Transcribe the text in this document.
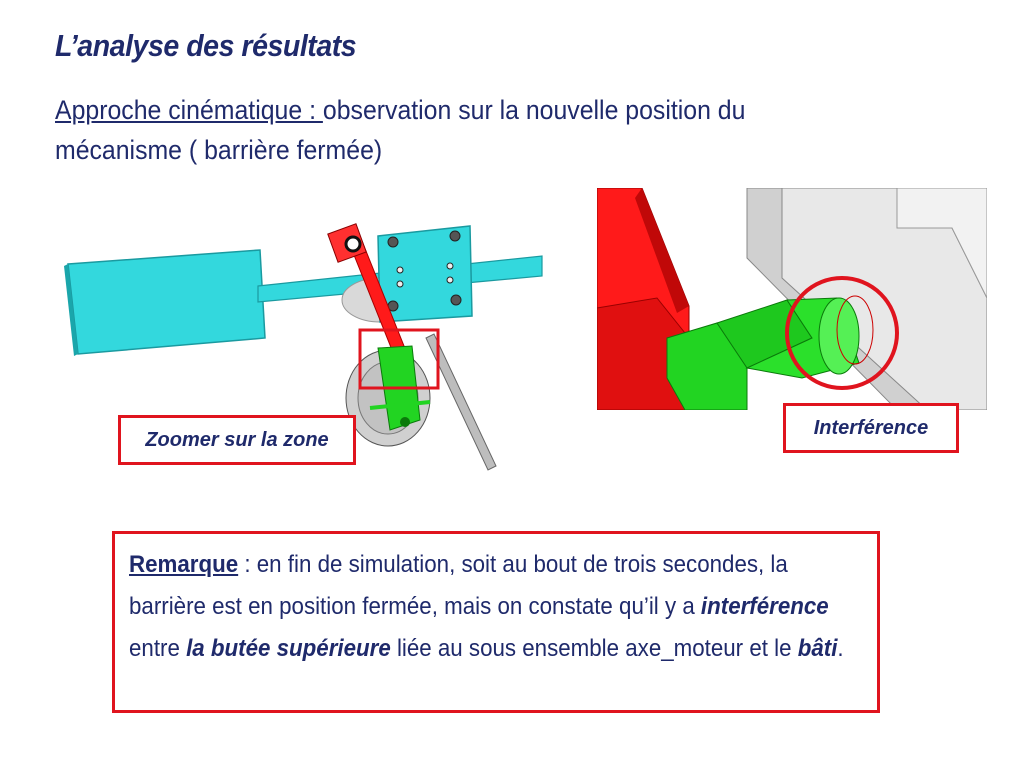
L’analyse des résultats
Approche cinématique : observation sur la nouvelle position du mécanisme ( barrière fermée)
Zoomer sur la zone
Interférence
Remarque : en fin de simulation, soit au bout de trois secondes, la barrière est en position fermée, mais on constate qu’il y a interférence entre la butée supérieure liée au sous ensemble axe_moteur et le bâti.
